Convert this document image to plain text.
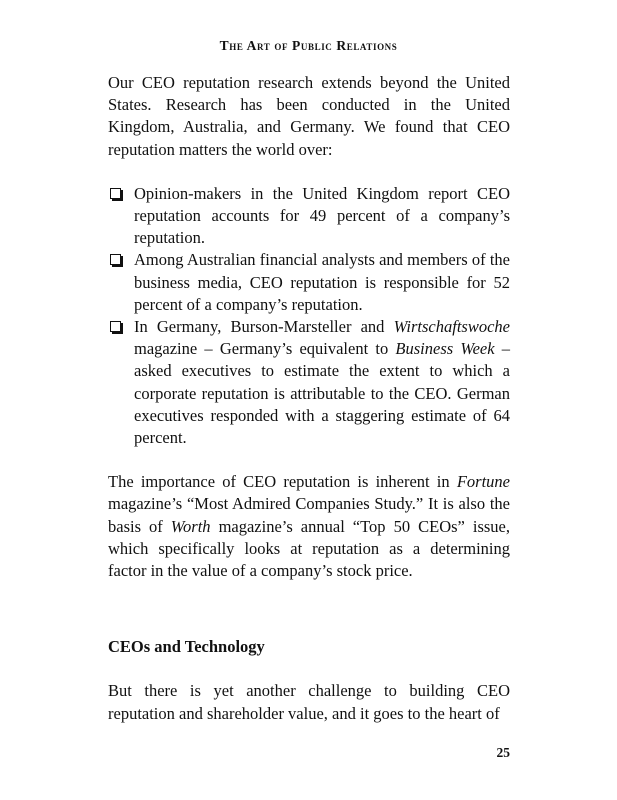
The Art of Public Relations

Our CEO reputation research extends beyond the United States. Research has been conducted in the United Kingdom, Australia, and Germany. We found that CEO reputation matters the world over:

Opinion-makers in the United Kingdom report CEO reputation accounts for 49 percent of a company’s reputation.
Among Australian financial analysts and members of the business media, CEO reputation is responsible for 52 percent of a company’s reputation.
In Germany, Burson-Marsteller and Wirtschaftswoche magazine – Germany’s equivalent to Business Week – asked executives to estimate the extent to which a corporate reputation is attributable to the CEO. German executives responded with a staggering estimate of 64 percent.

The importance of CEO reputation is inherent in Fortune magazine’s “Most Admired Companies Study.” It is also the basis of Worth magazine’s annual “Top 50 CEOs” issue, which specifically looks at reputation as a determining factor in the value of a company’s stock price.

CEOs and Technology

But there is yet another challenge to building CEO reputation and shareholder value, and it goes to the heart of

25
